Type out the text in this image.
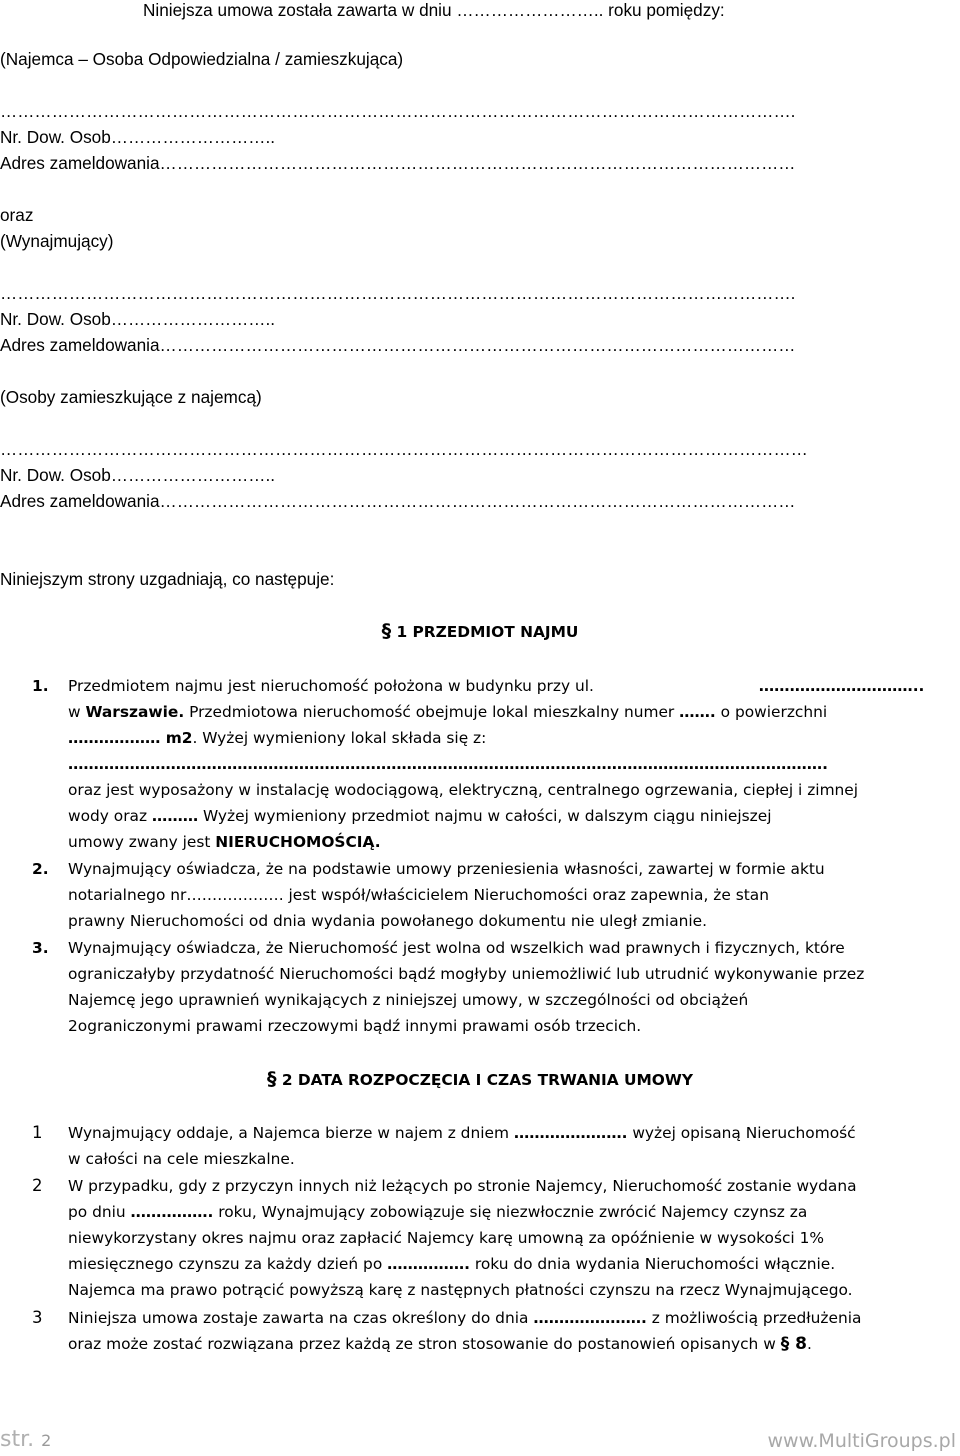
Niniejsza umowa została zawarta w dniu …………………….. roku pomiędzy:
(Najemca – Osoba Odpowiedzialna / zamieszkująca)
………………………………………………………………………………………………………………………….
Nr. Dow. Osob………………………..
Adres zameldowania…………………………………………………………………………………………………
oraz
(Wynajmujący)
………………………………………………………………………………………………………………………….
Nr. Dow. Osob………………………..
Adres zameldowania…………………………………………………………………………………………………
(Osoby zamieszkujące z najemcą)
……………………………………………………………………………………………………………………………
Nr. Dow. Osob………………………..
Adres zameldowania…………………………………………………………………………………………………
Niniejszym strony uzgadniają, co następuje:
§ 1 PRZEDMIOT NAJMU
1. Przedmiotem najmu jest nieruchomość położona w budynku przy ul.	…………………………..
w Warszawie. Przedmiotowa nieruchomość obejmuje lokal mieszkalny numer ……. o powierzchni
……………… m2. Wyżej wymieniony lokal składa się z:
………………………………………………………………………………………………………………………………….
oraz jest wyposażony w instalację wodociągową, elektryczną, centralnego ogrzewania, ciepłej i zimnej
wody oraz ……… Wyżej wymieniony przedmiot najmu w całości, w dalszym ciągu niniejszej
umowy zwany jest NIERUCHOMOŚCIĄ.
2. Wynajmujący oświadcza, że na podstawie umowy przeniesienia własności, zawartej w formie aktu
notarialnego nr………………. jest współ/właścicielem Nieruchomości oraz zapewnia, że stan
prawny Nieruchomości od dnia wydania powołanego dokumentu nie uległ zmianie.
3. Wynajmujący oświadcza, że Nieruchomość jest wolna od wszelkich wad prawnych i fizycznych, które
ograniczałyby przydatność Nieruchomości bądź mogłyby uniemożliwić lub utrudnić wykonywanie przez
Najemcę jego uprawnień wynikających z niniejszej umowy, w szczególności od obciążeń
2ograniczonymi prawami rzeczowymi bądź innymi prawami osób trzecich.
§ 2 DATA ROZPOCZĘCIA I CZAS TRWANIA UMOWY
1 Wynajmujący oddaje, a Najemca bierze w najem z dniem …………………. wyżej opisaną Nieruchomość
w całości na cele mieszkalne.
2 W przypadku, gdy z przyczyn innych niż leżących po stronie Najemcy, Nieruchomość zostanie wydana
po dniu ……………. roku, Wynajmujący zobowiązuje się niezwłocznie zwrócić Najemcy czynsz za
niewykorzystany okres najmu oraz zapłacić Najemcy karę umowną za opóźnienie w wysokości 1%
miesięcznego czynszu za każdy dzień po ……………. roku do dnia wydania Nieruchomości włącznie.
Najemca ma prawo potrącić powyższą karę z następnych płatności czynszu na rzecz Wynajmującego.
3 Niniejsza umowa zostaje zawarta na czas określony do dnia …………………. z możliwością przedłużenia
oraz może zostać rozwiązana przez każdą ze stron stosowanie do postanowień opisanych w § 8.
str. 2	www.MultiGroups.pl
